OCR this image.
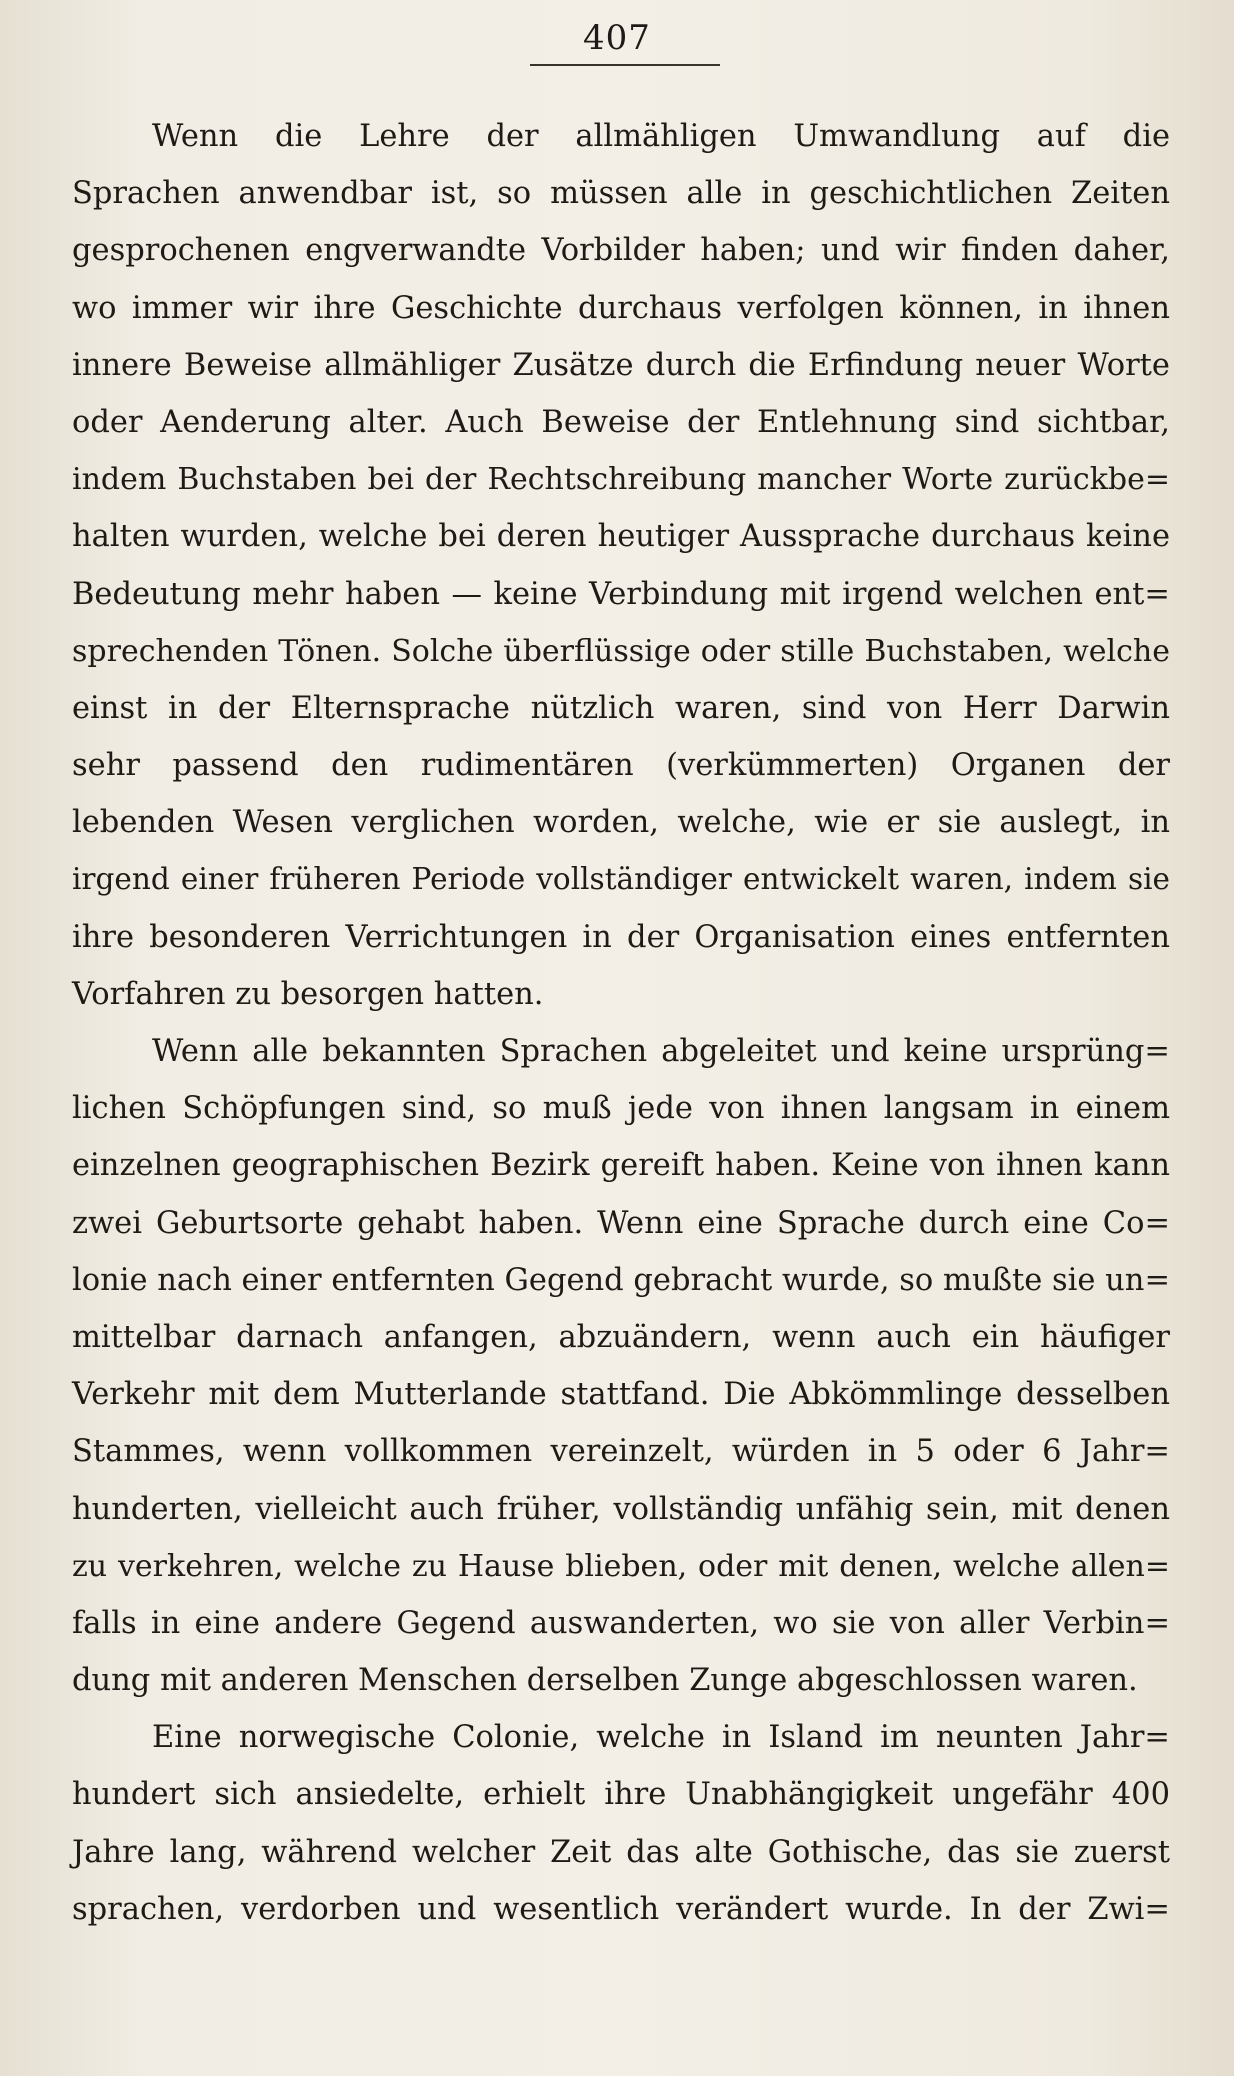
407
Wenn die Lehre der allmähligen Umwandlung auf die
Sprachen anwendbar ist, so müssen alle in geschichtlichen Zeiten
gesprochenen engverwandte Vorbilder haben; und wir finden daher,
wo immer wir ihre Geschichte durchaus verfolgen können, in ihnen
innere Beweise allmähliger Zusätze durch die Erfindung neuer Worte
oder Aenderung alter. Auch Beweise der Entlehnung sind sichtbar,
indem Buchstaben bei der Rechtschreibung mancher Worte zurückbe=
halten wurden, welche bei deren heutiger Aussprache durchaus keine
Bedeutung mehr haben — keine Verbindung mit irgend welchen ent=
sprechenden Tönen. Solche überflüssige oder stille Buchstaben, welche
einst in der Elternsprache nützlich waren, sind von Herr Darwin
sehr passend den rudimentären (verkümmerten) Organen der
lebenden Wesen verglichen worden, welche, wie er sie auslegt, in
irgend einer früheren Periode vollständiger entwickelt waren, indem sie
ihre besonderen Verrichtungen in der Organisation eines entfernten
Vorfahren zu besorgen hatten.
Wenn alle bekannten Sprachen abgeleitet und keine ursprüng=
lichen Schöpfungen sind, so muß jede von ihnen langsam in einem
einzelnen geographischen Bezirk gereift haben. Keine von ihnen kann
zwei Geburtsorte gehabt haben. Wenn eine Sprache durch eine Co=
lonie nach einer entfernten Gegend gebracht wurde, so mußte sie un=
mittelbar darnach anfangen, abzuändern, wenn auch ein häufiger
Verkehr mit dem Mutterlande stattfand. Die Abkömmlinge desselben
Stammes, wenn vollkommen vereinzelt, würden in 5 oder 6 Jahr=
hunderten, vielleicht auch früher, vollständig unfähig sein, mit denen
zu verkehren, welche zu Hause blieben, oder mit denen, welche allen=
falls in eine andere Gegend auswanderten, wo sie von aller Verbin=
dung mit anderen Menschen derselben Zunge abgeschlossen waren.
Eine norwegische Colonie, welche in Island im neunten Jahr=
hundert sich ansiedelte, erhielt ihre Unabhängigkeit ungefähr 400
Jahre lang, während welcher Zeit das alte Gothische, das sie zuerst
sprachen, verdorben und wesentlich verändert wurde. In der Zwi=
